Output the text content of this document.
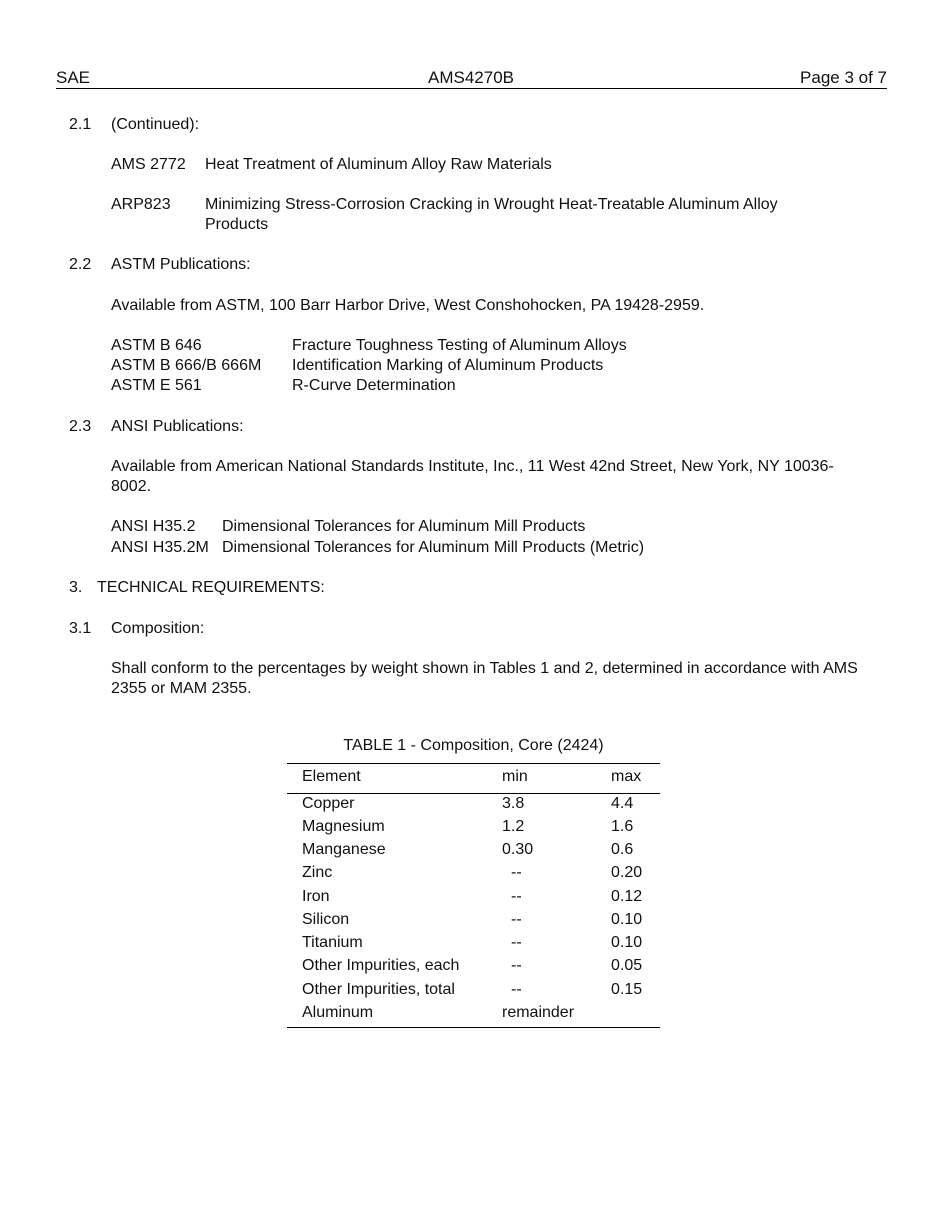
SAE	AMS4270B	Page 3 of 7
2.1 (Continued):
AMS 2772 Heat Treatment of Aluminum Alloy Raw Materials
ARP823 Minimizing Stress-Corrosion Cracking in Wrought Heat-Treatable Aluminum Alloy Products
2.2 ASTM Publications:
Available from ASTM, 100 Barr Harbor Drive, West Conshohocken, PA 19428-2959.
ASTM B 646	Fracture Toughness Testing of Aluminum Alloys
ASTM B 666/B 666M Identification Marking of Aluminum Products
ASTM E 561	R-Curve Determination
2.3 ANSI Publications:
Available from American National Standards Institute, Inc., 11 West 42nd Street, New York, NY 10036-8002.
ANSI H35.2 Dimensional Tolerances for Aluminum Mill Products
ANSI H35.2M Dimensional Tolerances for Aluminum Mill Products (Metric)
3. TECHNICAL REQUIREMENTS:
3.1 Composition:
Shall conform to the percentages by weight shown in Tables 1 and 2, determined in accordance with AMS 2355 or MAM 2355.
TABLE 1 - Composition, Core (2424)
Element	min	max
Copper	3.8	4.4
Magnesium	1.2	1.6
Manganese	0.30	0.6
Zinc	--	0.20
Iron	--	0.12
Silicon	--	0.10
Titanium	--	0.10
Other Impurities, each	--	0.05
Other Impurities, total	--	0.15
Aluminum	remainder
